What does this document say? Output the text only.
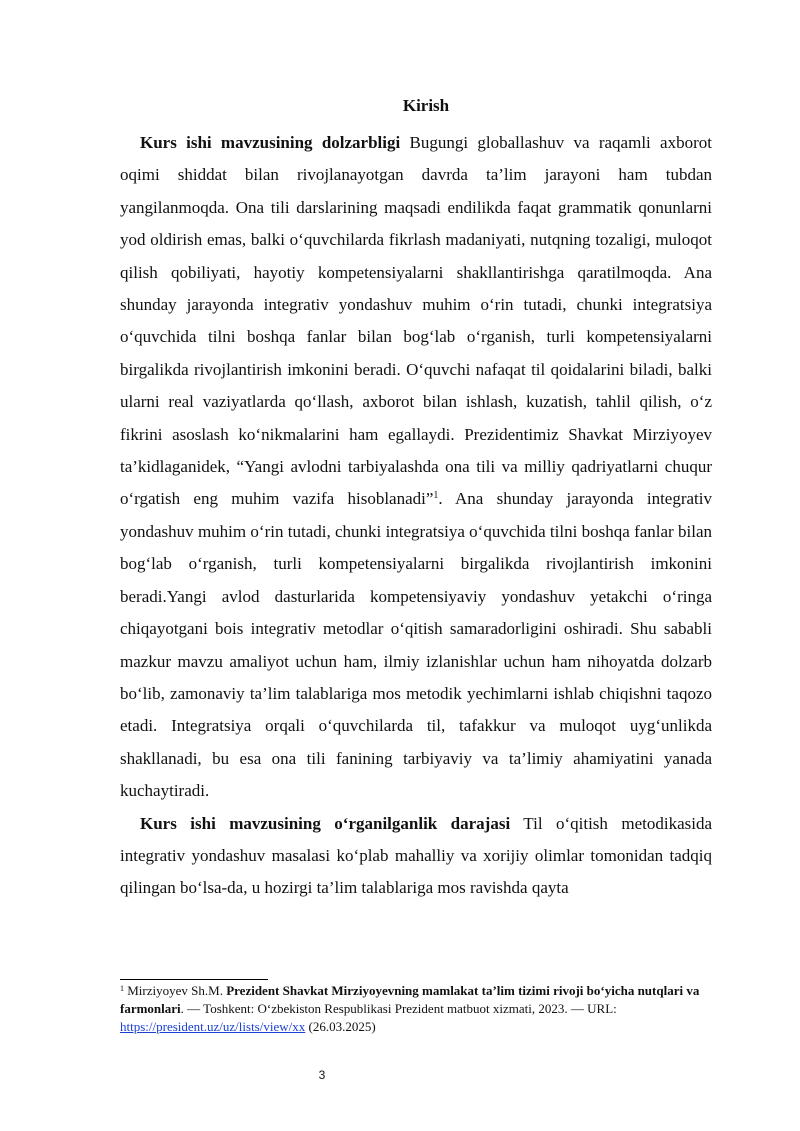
Kirish

Kurs ishi mavzusining dolzarbligi Bugungi globallashuv va raqamli axborot oqimi shiddat bilan rivojlanayotgan davrda ta’lim jarayoni ham tubdan yangilanmoqda. Ona tili darslarining maqsadi endilikda faqat grammatik qonunlarni yod oldirish emas, balki o‘quvchilarda fikrlash madaniyati, nutqning tozaligi, muloqot qilish qobiliyati, hayotiy kompetensiyalarni shakllantirishga qaratilmoqda. Ana shunday jarayonda integrativ yondashuv muhim o‘rin tutadi, chunki integratsiya o‘quvchida tilni boshqa fanlar bilan bog‘lab o‘rganish, turli kompetensiyalarni birgalikda rivojlantirish imkonini beradi. O‘quvchi nafaqat til qoidalarini biladi, balki ularni real vaziyatlarda qo‘llash, axborot bilan ishlash, kuzatish, tahlil qilish, o‘z fikrini asoslash ko‘nikmalarini ham egallaydi. Prezidentimiz Shavkat Mirziyoyev ta’kidlaganidek, “Yangi avlodni tarbiyalashda ona tili va milliy qadriyatlarni chuqur o‘rgatish eng muhim vazifa hisoblanadi”$^1$. Ana shunday jarayonda integrativ yondashuv muhim o‘rin tutadi, chunki integratsiya o‘quvchida tilni boshqa fanlar bilan bog‘lab o‘rganish, turli kompetensiyalarni birgalikda rivojlantirish imkonini beradi.Yangi avlod dasturlarida kompetensiyaviy yondashuv yetakchi o‘ringa chiqayotgani bois integrativ metodlar o‘qitish samaradorligini oshiradi. Shu sababli mazkur mavzu amaliyot uchun ham, ilmiy izlanishlar uchun ham nihoyatda dolzarb bo‘lib, zamonaviy ta’lim talablariga mos metodik yechimlarni ishlab chiqishni taqozo etadi. Integratsiya orqali o‘quvchilarda til, tafakkur va muloqot uyg‘unlikda shakllanadi, bu esa ona tili fanining tarbiyaviy va ta’limiy ahamiyatini yanada kuchaytiradi.

Kurs ishi mavzusining o‘rganilganlik darajasi Til o‘qitish metodikasida integrativ yondashuv masalasi ko‘plab mahalliy va xorijiy olimlar tomonidan tadqiq qilingan bo‘lsa-da, u hozirgi ta’lim talablariga mos ravishda qayta

$^1$ Mirziyoyev Sh.M. Prezident Shavkat Mirziyoyevning mamlakat ta’lim tizimi rivoji bo‘yicha nutqlari va farmonlari. — Toshkent: O‘zbekiston Respublikasi Prezident matbuot xizmati, 2023. — URL: https://president.uz/uz/lists/view/xx (26.03.2025)
3
